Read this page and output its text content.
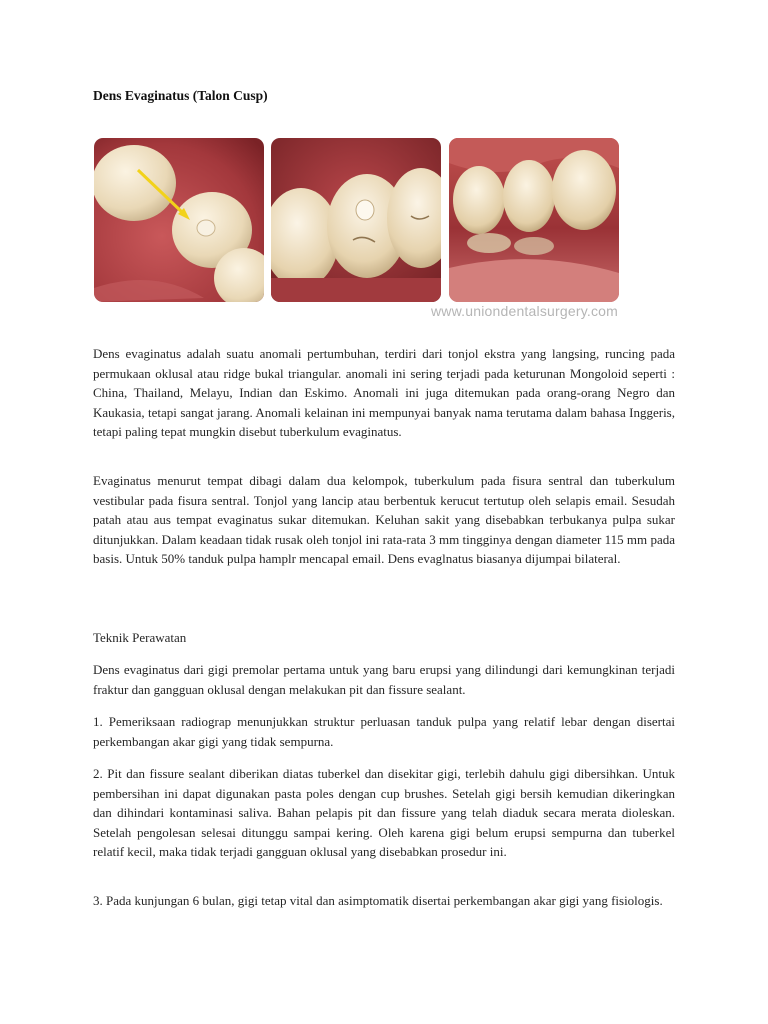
Dens Evaginatus (Talon Cusp)
www.uniondentalsurgery.com

Dens evaginatus adalah suatu anomali pertumbuhan, terdiri dari tonjol ekstra yang langsing, runcing pada permukaan oklusal atau ridge bukal triangular. anomali ini sering terjadi pada keturunan Mongoloid seperti : China, Thailand, Melayu, Indian dan Eskimo. Anomali ini juga ditemukan pada orang-orang Negro dan Kaukasia, tetapi sangat jarang. Anomali kelainan ini mempunyai banyak nama terutama dalam bahasa Inggeris, tetapi paling tepat mungkin disebut tuberkulum evaginatus.

Evaginatus menurut tempat dibagi dalam dua kelompok, tuberkulum pada fisura sentral dan tuberkulum vestibular pada fisura sentral. Tonjol yang lancip atau berbentuk kerucut tertutup oleh selapis email. Sesudah patah atau aus tempat evaginatus sukar ditemukan. Keluhan sakit yang disebabkan terbukanya pulpa sukar ditunjukkan. Dalam keadaan tidak rusak oleh tonjol ini rata-rata 3 mm tingginya dengan diameter 115 mm pada basis. Untuk 50% tanduk pulpa hamplr mencapal email. Dens evaglnatus biasanya dijumpai bilateral.

Teknik Perawatan

Dens evaginatus dari gigi premolar pertama untuk yang baru erupsi yang dilindungi dari kemungkinan terjadi fraktur dan gangguan oklusal dengan melakukan pit dan fissure sealant.

1. Pemeriksaan radiograp menunjukkan struktur perluasan tanduk pulpa yang relatif lebar dengan disertai perkembangan akar gigi yang tidak sempurna.

2. Pit dan fissure sealant diberikan diatas tuberkel dan disekitar gigi, terlebih dahulu gigi dibersihkan. Untuk pembersihan ini dapat digunakan pasta poles dengan cup brushes. Setelah gigi bersih kemudian dikeringkan dan dihindari kontaminasi saliva. Bahan pelapis pit dan fissure yang telah diaduk secara merata dioleskan. Setelah pengolesan selesai ditunggu sampai kering. Oleh karena gigi belum erupsi sempurna dan tuberkel relatif kecil, maka tidak terjadi gangguan oklusal yang disebabkan prosedur ini.

3. Pada kunjungan 6 bulan, gigi tetap vital dan asimptomatik disertai perkembangan akar gigi yang fisiologis.
